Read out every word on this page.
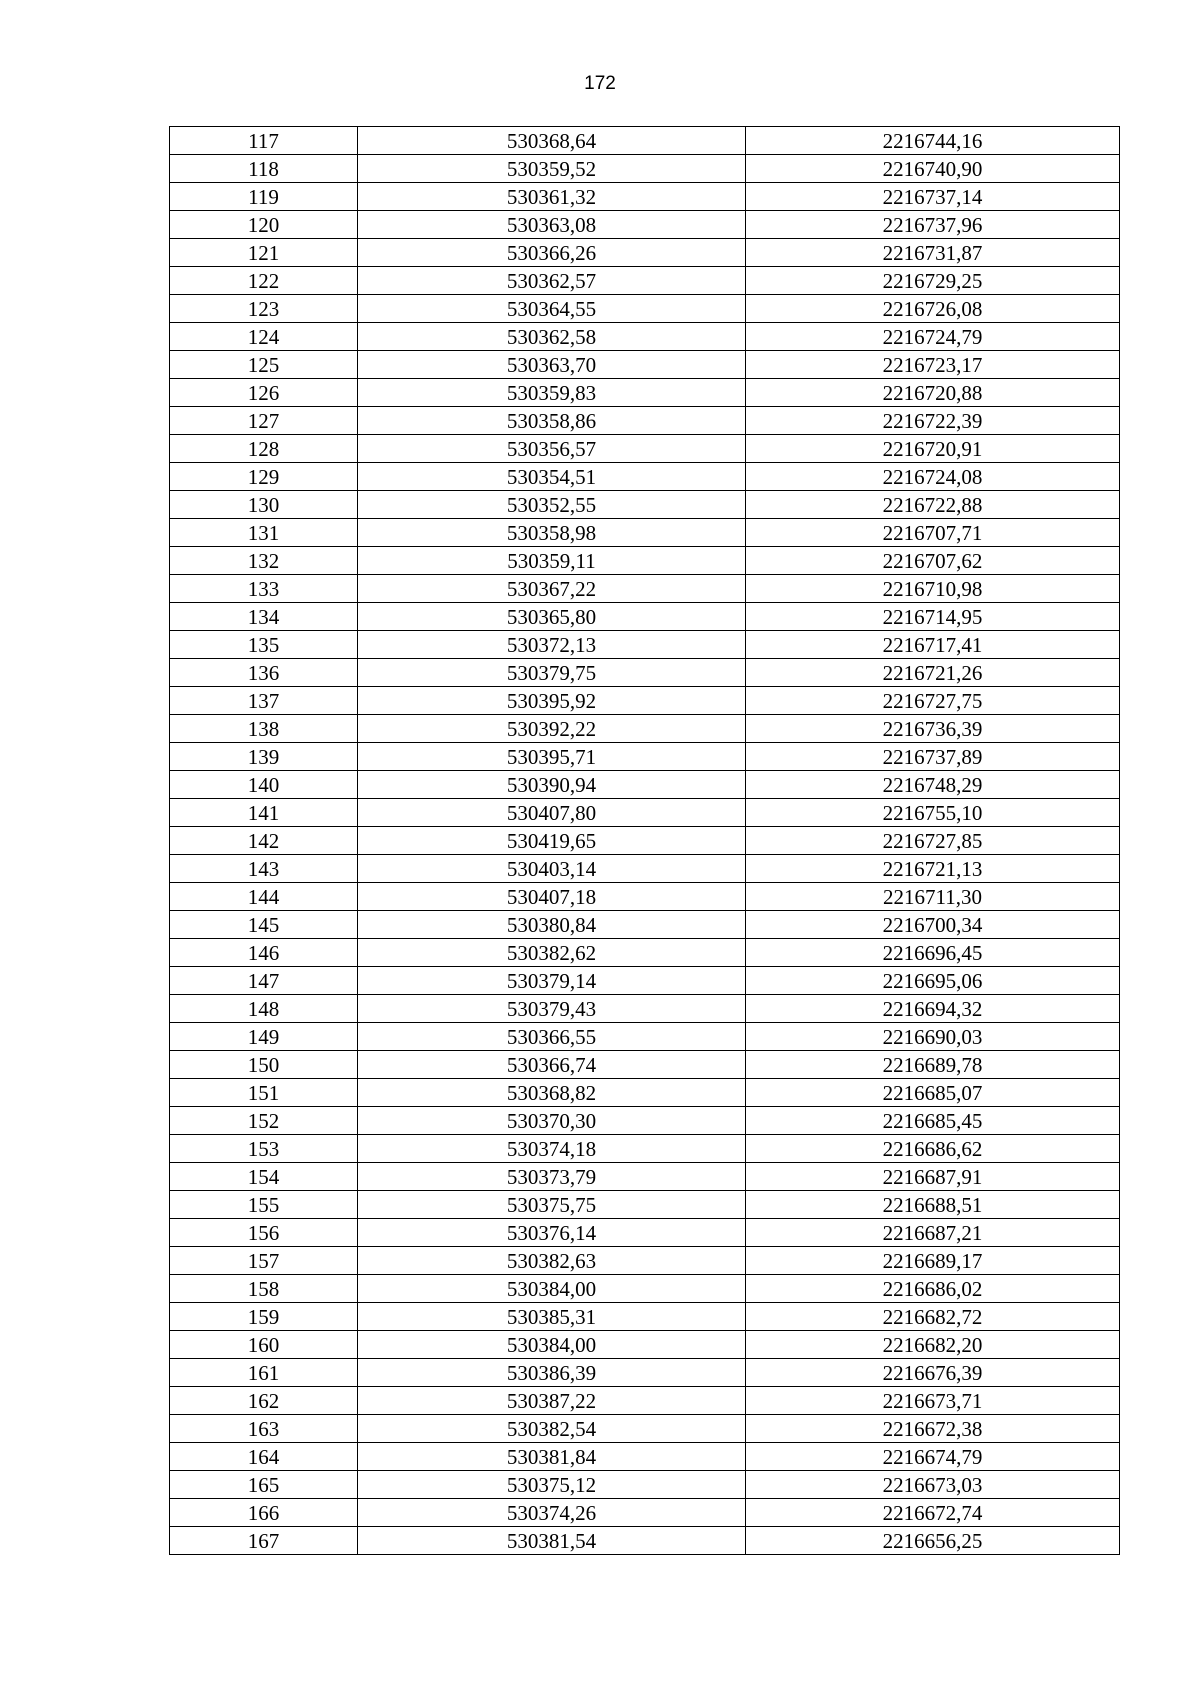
172
117	530368,64	2216744,16
118	530359,52	2216740,90
119	530361,32	2216737,14
120	530363,08	2216737,96
121	530366,26	2216731,87
122	530362,57	2216729,25
123	530364,55	2216726,08
124	530362,58	2216724,79
125	530363,70	2216723,17
126	530359,83	2216720,88
127	530358,86	2216722,39
128	530356,57	2216720,91
129	530354,51	2216724,08
130	530352,55	2216722,88
131	530358,98	2216707,71
132	530359,11	2216707,62
133	530367,22	2216710,98
134	530365,80	2216714,95
135	530372,13	2216717,41
136	530379,75	2216721,26
137	530395,92	2216727,75
138	530392,22	2216736,39
139	530395,71	2216737,89
140	530390,94	2216748,29
141	530407,80	2216755,10
142	530419,65	2216727,85
143	530403,14	2216721,13
144	530407,18	2216711,30
145	530380,84	2216700,34
146	530382,62	2216696,45
147	530379,14	2216695,06
148	530379,43	2216694,32
149	530366,55	2216690,03
150	530366,74	2216689,78
151	530368,82	2216685,07
152	530370,30	2216685,45
153	530374,18	2216686,62
154	530373,79	2216687,91
155	530375,75	2216688,51
156	530376,14	2216687,21
157	530382,63	2216689,17
158	530384,00	2216686,02
159	530385,31	2216682,72
160	530384,00	2216682,20
161	530386,39	2216676,39
162	530387,22	2216673,71
163	530382,54	2216672,38
164	530381,84	2216674,79
165	530375,12	2216673,03
166	530374,26	2216672,74
167	530381,54	2216656,25
